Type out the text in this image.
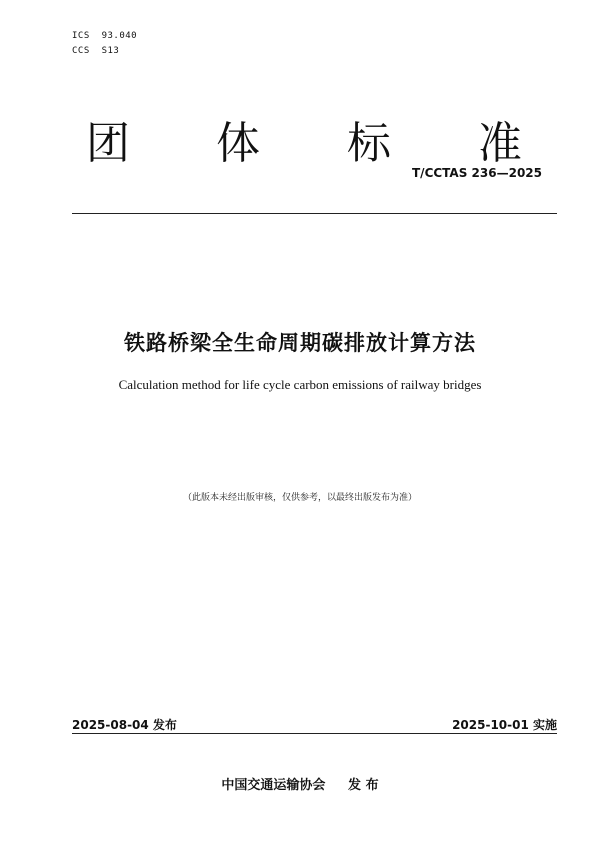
ICS  93.040
CCS  S13
团 体 标 准
T/CCTAS 236—2025
铁路桥梁全生命周期碳排放计算方法
Calculation method for life cycle carbon emissions of railway bridges
（此版本未经出版审核，仅供参考，以最终出版发布为准）
2025-08-04 发布	2025-10-01 实施
中国交通运输协会     发 布
